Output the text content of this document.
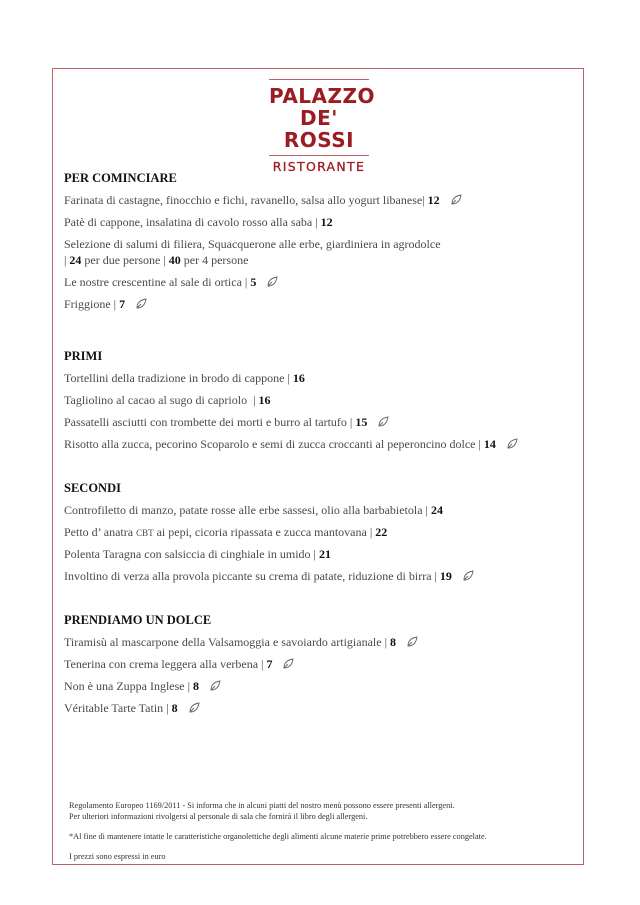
PALAZZO
DE' ROSSI
RISTORANTE
PER COMINCIARE
Farinata di castagne, finocchio e fichi, ravanello, salsa allo yogurt libanese| 12
Patè di cappone, insalatina di cavolo rosso alla saba | 12
Selezione di salumi di filiera, Squacquerone alle erbe, giardiniera in agrodolce
| 24 per due persone | 40 per 4 persone
Le nostre crescentine al sale di ortica | 5
Friggione | 7
PRIMI
Tortellini della tradizione in brodo di cappone | 16
Tagliolino al cacao al sugo di capriolo  | 16
Passatelli asciutti con trombette dei morti e burro al tartufo | 15
Risotto alla zucca, pecorino Scoparolo e semi di zucca croccanti al peperoncino dolce | 14
SECONDI
Controfiletto di manzo, patate rosse alle erbe sassesi, olio alla barbabietola | 24
Petto d’ anatra CBT ai pepi, cicoria ripassata e zucca mantovana | 22
Polenta Taragna con salsiccia di cinghiale in umido | 21
Involtino di verza alla provola piccante su crema di patate, riduzione di birra | 19
PRENDIAMO UN DOLCE
Tiramisù al mascarpone della Valsamoggia e savoiardo artigianale | 8
Tenerina con crema leggera alla verbena | 7
Non è una Zuppa Inglese | 8
Véritable Tarte Tatin | 8
Regolamento Europeo 1169/2011 - Si informa che in alcuni piatti del nostro menù possono essere presenti allergeni.
Per ulteriori informazioni rivolgersi al personale di sala che fornirà il libro degli allergeni.
*Al fine di mantenere intatte le caratteristiche organolettiche degli alimenti alcune materie prime potrebbero essere congelate.
I prezzi sono espressi in euro
